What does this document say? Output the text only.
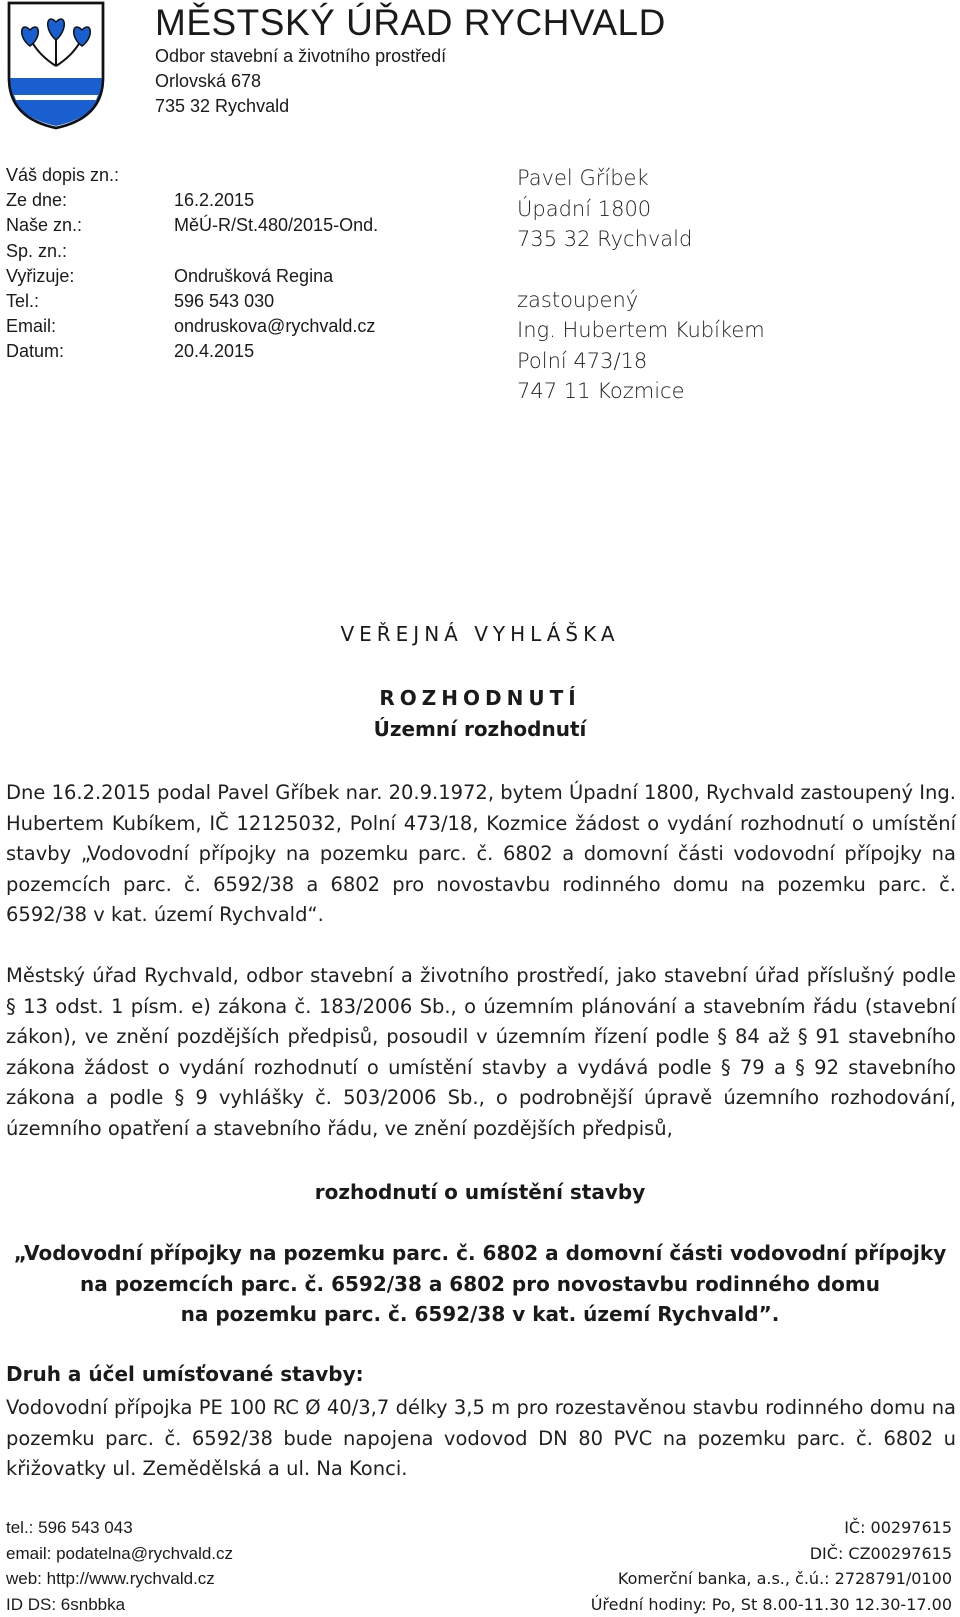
MĚSTSKÝ ÚŘAD RYCHVALD
Odbor stavební a životního prostředí
Orlovská 678
735 32 Rychvald
Váš dopis zn.:
Ze dne:	16.2.2015
Naše zn.:	MěÚ-R/St.480/2015-Ond.
Sp. zn.:
Vyřizuje:	Ondrušková Regina
Tel.:	596 543 030
Email:	ondruskova@rychvald.cz
Datum:	20.4.2015
Pavel Gříbek
Úpadní 1800
735 32 Rychvald
zastoupený
Ing. Hubertem Kubíkem
Polní 473/18
747 11 Kozmice
VEŘEJNÁ VYHLÁŠKA
ROZHODNUTÍ
Územní rozhodnutí
Dne 16.2.2015 podal Pavel Gříbek nar. 20.9.1972, bytem Úpadní 1800, Rychvald zastoupený Ing. Hubertem Kubíkem, IČ 12125032, Polní 473/18, Kozmice žádost o vydání rozhodnutí o umístění stavby „Vodovodní přípojky na pozemku parc. č. 6802 a domovní části vodovodní přípojky na pozemcích parc. č. 6592/38 a 6802 pro novostavbu rodinného domu na pozemku parc. č. 6592/38 v kat. území Rychvald“.
Městský úřad Rychvald, odbor stavební a životního prostředí, jako stavební úřad příslušný podle § 13 odst. 1 písm. e) zákona č. 183/2006 Sb., o územním plánování a stavebním řádu (stavební zákon), ve znění pozdějších předpisů, posoudil v územním řízení podle § 84 až § 91 stavebního zákona žádost o vydání rozhodnutí o umístění stavby a vydává podle § 79 a § 92 stavebního zákona a podle § 9 vyhlášky č. 503/2006 Sb., o podrobnější úpravě územního rozhodování, územního opatření a stavebního řádu, ve znění pozdějších předpisů,
rozhodnutí o umístění stavby
„Vodovodní přípojky na pozemku parc. č. 6802 a domovní části vodovodní přípojky
na pozemcích parc. č. 6592/38 a 6802 pro novostavbu rodinného domu
na pozemku parc. č. 6592/38 v kat. území Rychvald”.
Druh a účel umísťované stavby:
Vodovodní přípojka PE 100 RC Ø 40/3,7 délky 3,5 m pro rozestavěnou stavbu rodinného domu na pozemku parc. č. 6592/38 bude napojena vodovod DN 80 PVC na pozemku parc. č. 6802 u křižovatky ul. Zemědělská a ul. Na Konci.
tel.: 596 543 043	IČ: 00297615
email: podatelna@rychvald.cz	DIČ: CZ00297615
web: http://www.rychvald.cz	Komerční banka, a.s., č.ú.: 2728791/0100
ID DS: 6snbbka	Úřední hodiny: Po, St 8.00-11.30 12.30-17.00
